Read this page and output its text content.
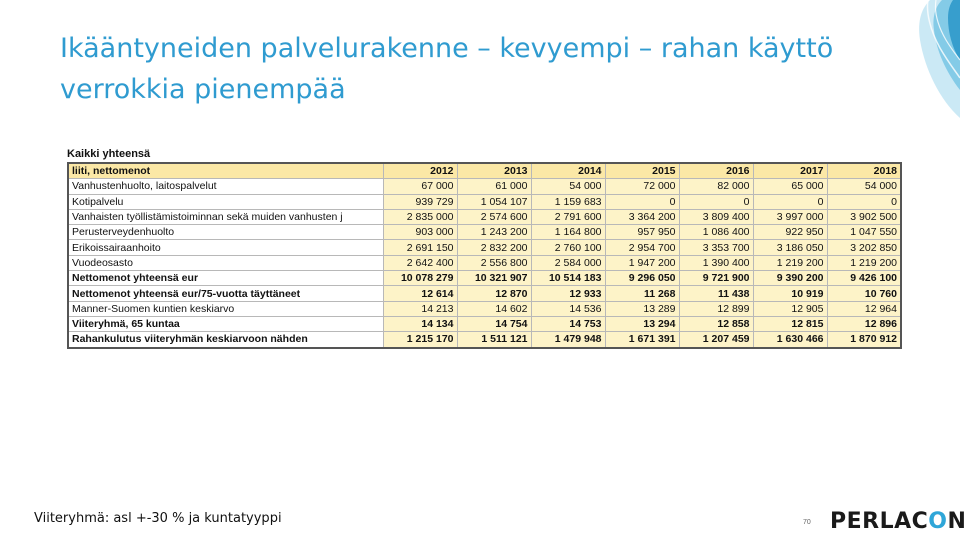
Ikääntyneiden palvelurakenne – kevyempi – rahan käyttö verrokkia pienempää
Kaikki yhteensä
liiti, nettomenot	2012	2013	2014	2015	2016	2017	2018
Vanhustenhuolto, laitospalvelut	67 000	61 000	54 000	72 000	82 000	65 000	54 000
Kotipalvelu	939 729	1 054 107	1 159 683	0	0	0	0
Vanhaisten työllistämistoiminnan sekä muiden vanhusten j	2 835 000	2 574 600	2 791 600	3 364 200	3 809 400	3 997 000	3 902 500
Perusterveydenhuolto	903 000	1 243 200	1 164 800	957 950	1 086 400	922 950	1 047 550
Erikoissairaanhoito	2 691 150	2 832 200	2 760 100	2 954 700	3 353 700	3 186 050	3 202 850
Vuodeosasto	2 642 400	2 556 800	2 584 000	1 947 200	1 390 400	1 219 200	1 219 200
Nettomenot yhteensä eur	10 078 279	10 321 907	10 514 183	9 296 050	9 721 900	9 390 200	9 426 100
Nettomenot yhteensä eur/75-vuotta täyttäneet	12 614	12 870	12 933	11 268	11 438	10 919	10 760
Manner-Suomen kuntien keskiarvo	14 213	14 602	14 536	13 289	12 899	12 905	12 964
Viiteryhmä, 65 kuntaa	14 134	14 754	14 753	13 294	12 858	12 815	12 896
Rahankulutus viiteryhmän keskiarvoon nähden	1 215 170	1 511 121	1 479 948	1 671 391	1 207 459	1 630 466	1 870 912
Viiteryhmä: asl +-30 % ja kuntatyyppi	70 PERLACON
